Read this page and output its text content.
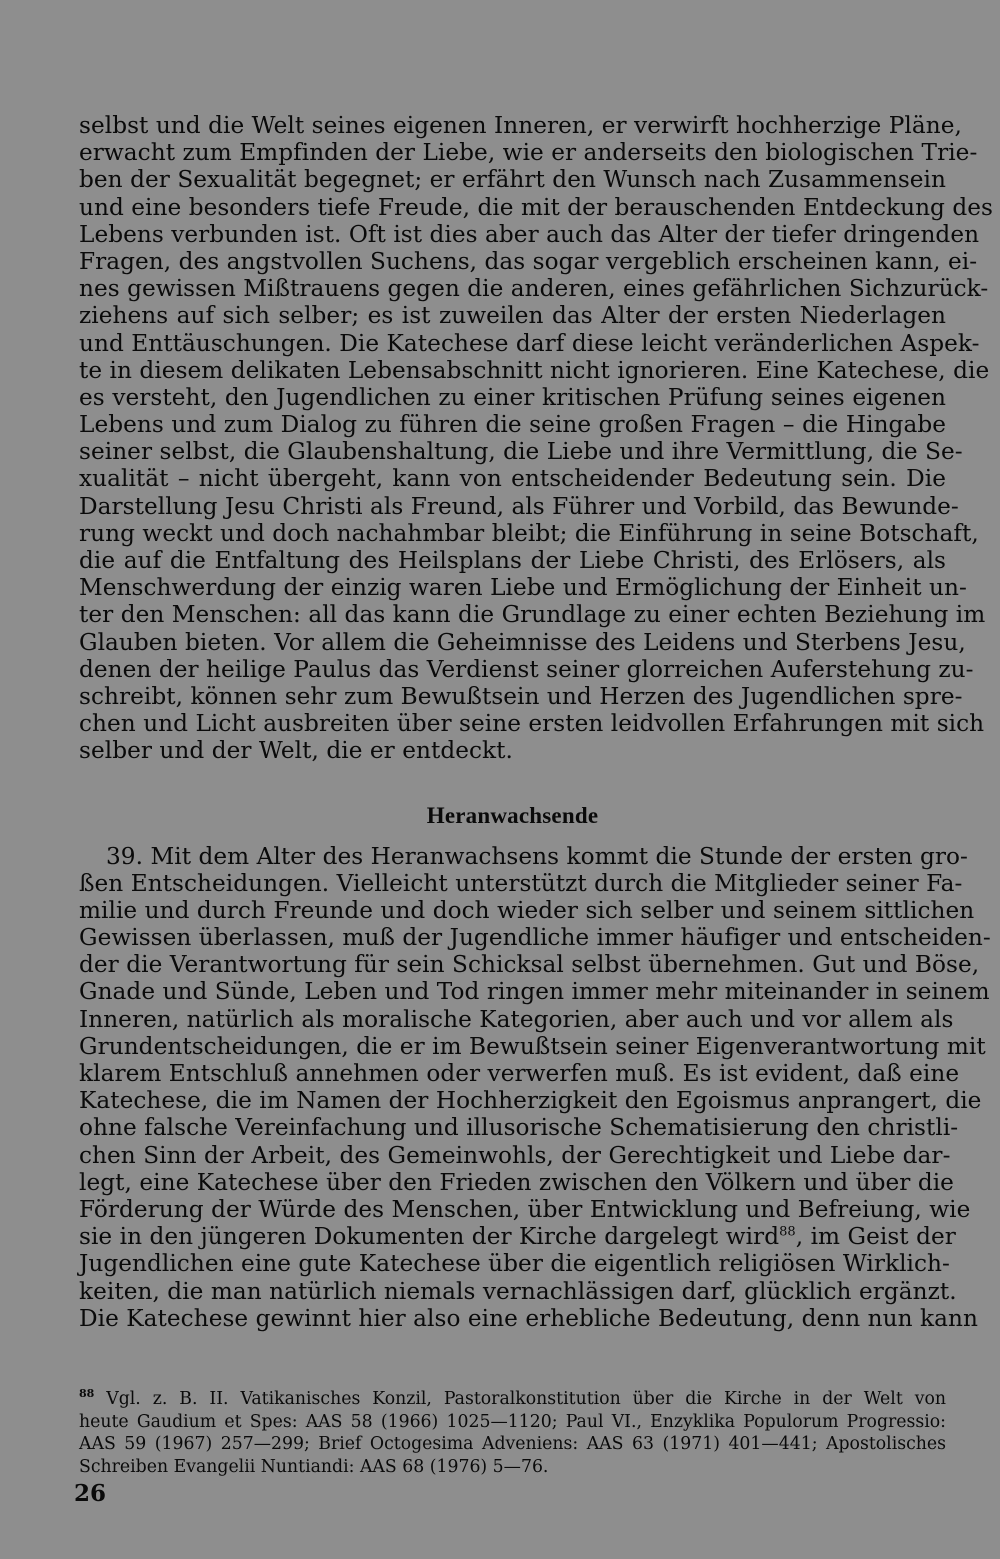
selbst und die Welt seines eigenen Inneren, er verwirft hochherzige Pläne,
erwacht zum Empfinden der Liebe, wie er anderseits den biologischen Trie-
ben der Sexualität begegnet; er erfährt den Wunsch nach Zusammensein
und eine besonders tiefe Freude, die mit der berauschenden Entdeckung des
Lebens verbunden ist. Oft ist dies aber auch das Alter der tiefer dringenden
Fragen, des angstvollen Suchens, das sogar vergeblich erscheinen kann, ei-
nes gewissen Mißtrauens gegen die anderen, eines gefährlichen Sichzurück-
ziehens auf sich selber; es ist zuweilen das Alter der ersten Niederlagen
und Enttäuschungen. Die Katechese darf diese leicht veränderlichen Aspek-
te in diesem delikaten Lebensabschnitt nicht ignorieren. Eine Katechese, die
es versteht, den Jugendlichen zu einer kritischen Prüfung seines eigenen
Lebens und zum Dialog zu führen die seine großen Fragen – die Hingabe
seiner selbst, die Glaubenshaltung, die Liebe und ihre Vermittlung, die Se-
xualität – nicht übergeht, kann von entscheidender Bedeutung sein. Die
Darstellung Jesu Christi als Freund, als Führer und Vorbild, das Bewunde-
rung weckt und doch nachahmbar bleibt; die Einführung in seine Botschaft,
die auf die Entfaltung des Heilsplans der Liebe Christi, des Erlösers, als
Menschwerdung der einzig waren Liebe und Ermöglichung der Einheit un-
ter den Menschen: all das kann die Grundlage zu einer echten Beziehung im
Glauben bieten. Vor allem die Geheimnisse des Leidens und Sterbens Jesu,
denen der heilige Paulus das Verdienst seiner glorreichen Auferstehung zu-
schreibt, können sehr zum Bewußtsein und Herzen des Jugendlichen spre-
chen und Licht ausbreiten über seine ersten leidvollen Erfahrungen mit sich
selber und der Welt, die er entdeckt.
Heranwachsende
39. Mit dem Alter des Heranwachsens kommt die Stunde der ersten gro-
ßen Entscheidungen. Vielleicht unterstützt durch die Mitglieder seiner Fa-
milie und durch Freunde und doch wieder sich selber und seinem sittlichen
Gewissen überlassen, muß der Jugendliche immer häufiger und entscheiden-
der die Verantwortung für sein Schicksal selbst übernehmen. Gut und Böse,
Gnade und Sünde, Leben und Tod ringen immer mehr miteinander in seinem
Inneren, natürlich als moralische Kategorien, aber auch und vor allem als
Grundentscheidungen, die er im Bewußtsein seiner Eigenverantwortung mit
klarem Entschluß annehmen oder verwerfen muß. Es ist evident, daß eine
Katechese, die im Namen der Hochherzigkeit den Egoismus anprangert, die
ohne falsche Vereinfachung und illusorische Schematisierung den christli-
chen Sinn der Arbeit, des Gemeinwohls, der Gerechtigkeit und Liebe dar-
legt, eine Katechese über den Frieden zwischen den Völkern und über die
Förderung der Würde des Menschen, über Entwicklung und Befreiung, wie
sie in den jüngeren Dokumenten der Kirche dargelegt wird$^{88}$, im Geist der
Jugendlichen eine gute Katechese über die eigentlich religiösen Wirklich-
keiten, die man natürlich niemals vernachlässigen darf, glücklich ergänzt.
Die Katechese gewinnt hier also eine erhebliche Bedeutung, denn nun kann
$^{88}$ Vgl. z. B. II. Vatikanisches Konzil, Pastoralkonstitution über die Kirche in der Welt von
heute Gaudium et Spes: AAS 58 (1966) 1025—1120; Paul VI., Enzyklika Populorum Progressio:
AAS 59 (1967) 257—299; Brief Octogesima Adveniens: AAS 63 (1971) 401—441; Apostolisches
Schreiben Evangelii Nuntiandi: AAS 68 (1976) 5—76.
26
